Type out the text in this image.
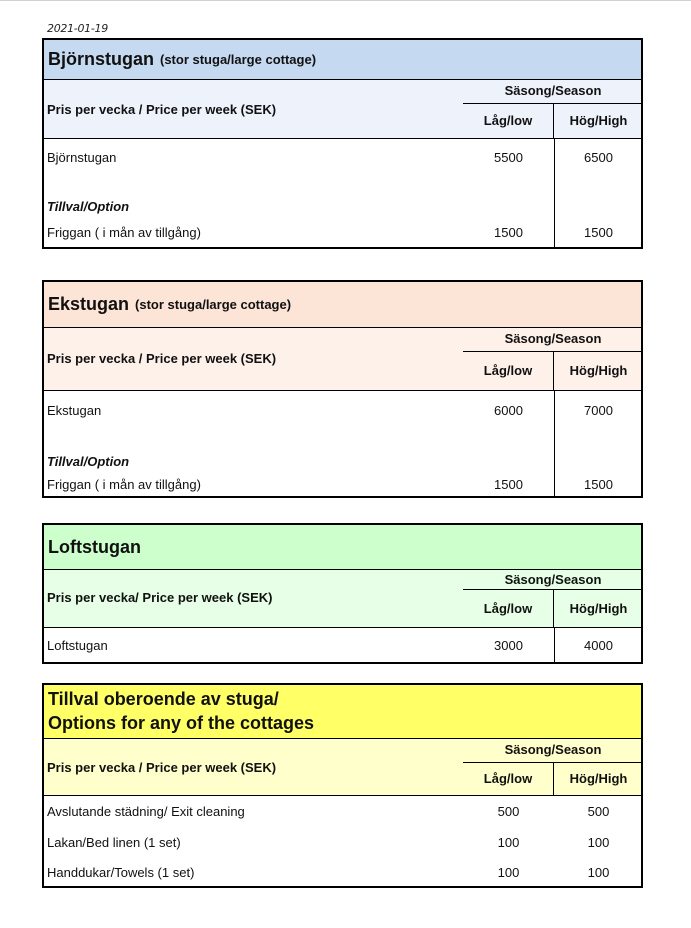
2021-01-19
Björnstugan (stor stuga/large cottage)
Pris per vecka / Price per week (SEK)
Säsong/Season
Låg/low	Hög/High
Björnstugan	5500	6500
Tillval/Option
Friggan ( i mån av tillgång)	1500	1500
Ekstugan (stor stuga/large cottage)
Pris per vecka / Price per week (SEK)
Säsong/Season
Låg/low	Hög/High
Ekstugan	6000	7000
Tillval/Option
Friggan ( i mån av tillgång)	1500	1500
Loftstugan
Pris per vecka/ Price per week (SEK)
Säsong/Season
Låg/low	Hög/High
Loftstugan	3000	4000
Tillval oberoende av stuga/
Options for any of the cottages
Pris per vecka / Price per week (SEK)
Säsong/Season
Låg/low	Hög/High
Avslutande städning/ Exit cleaning	500	500
Lakan/Bed linen (1 set)	100	100
Handdukar/Towels (1 set)	100	100
